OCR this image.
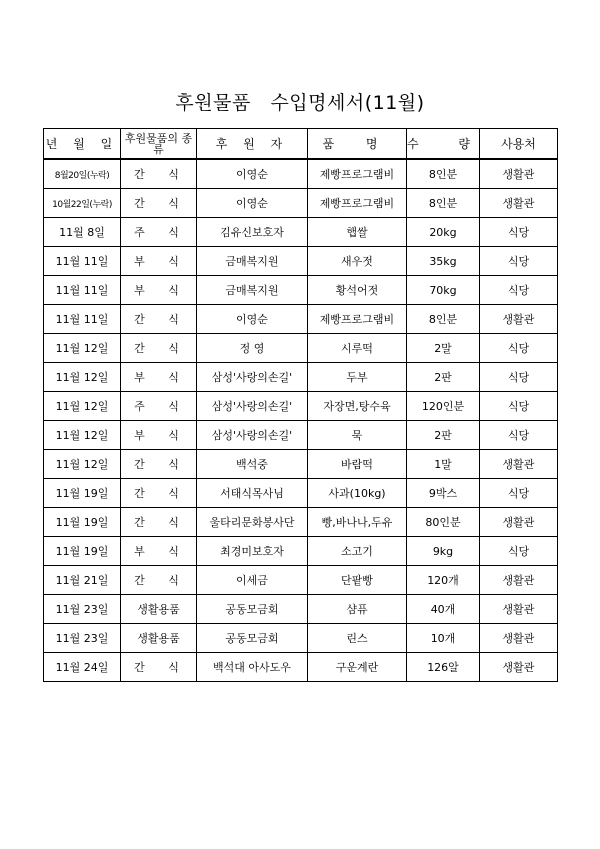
후원물품   수입명세서(11월)
년 월 일	후원물품의 종류	후 원 자	품 명	수 량	사용처
8월20일(누락)	간 식	이영순	제빵프로그램비	8인분	생활관
10월22일(누락)	간 식	이영순	제빵프로그램비	8인분	생활관
11월 8일	주 식	김유신보호자	햅쌀	20kg	식당
11월 11일	부 식	금매복지원	새우젓	35kg	식당
11월 11일	부 식	금매복지원	황석어젓	70kg	식당
11월 11일	간 식	이영순	제빵프로그램비	8인분	생활관
11월 12일	간 식	정 영	시루떡	2말	식당
11월 12일	부 식	삼성'사랑의손길'	두부	2판	식당
11월 12일	주 식	삼성'사랑의손길'	자장면,탕수육	120인분	식당
11월 12일	부 식	삼성'사랑의손길'	묵	2판	식당
11월 12일	간 식	백석중	바람떡	1말	생활관
11월 19일	간 식	서태식목사님	사과(10kg)	9박스	식당
11월 19일	간 식	울타리문화봉사단	빵,바나나,두유	80인분	생활관
11월 19일	부 식	최경미보호자	소고기	9kg	식당
11월 21일	간 식	이세금	단팥빵	120개	생활관
11월 23일	생활용품	공동모금회	샴퓨	40개	생활관
11월 23일	생활용품	공동모금회	린스	10개	생활관
11월 24일	간 식	백석대 아사도우	구운계란	126알	생활관
